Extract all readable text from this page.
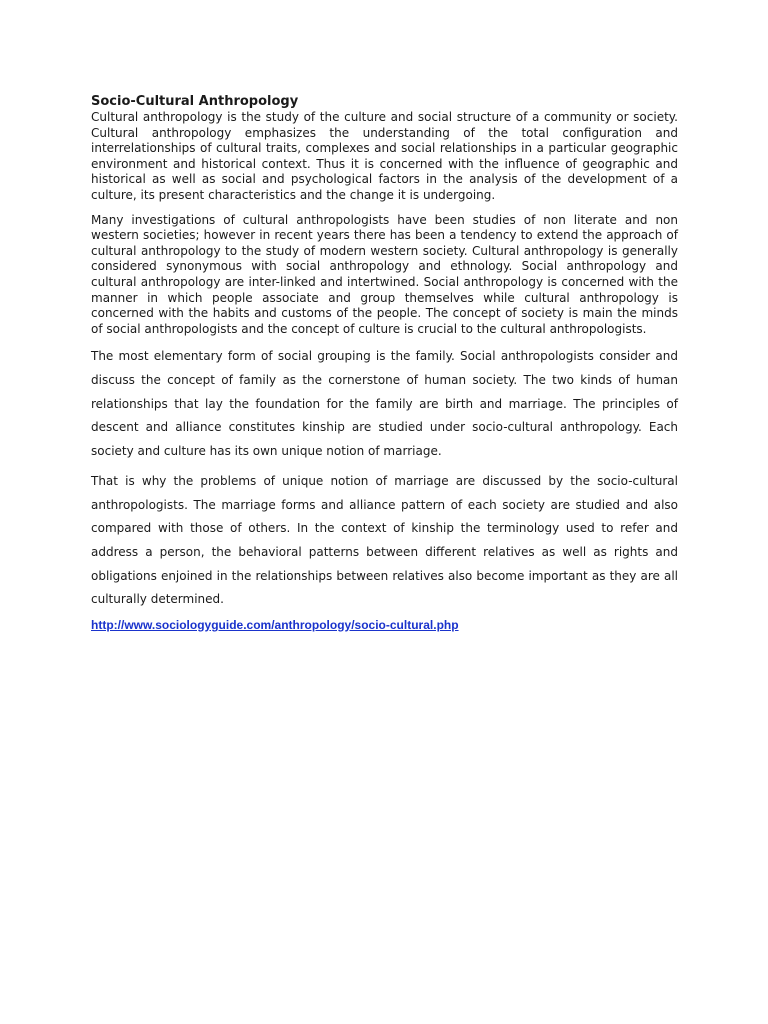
Socio-Cultural Anthropology

Cultural anthropology is the study of the culture and social structure of a community or society. Cultural anthropology emphasizes the understanding of the total configuration and interrelationships of cultural traits, complexes and social relationships in a particular geographic environment and historical context. Thus it is concerned with the influence of geographic and historical as well as social and psychological factors in the analysis of the development of a culture, its present characteristics and the change it is undergoing.

Many investigations of cultural anthropologists have been studies of non literate and non western societies; however in recent years there has been a tendency to extend the approach of cultural anthropology to the study of modern western society. Cultural anthropology is generally considered synonymous with social anthropology and ethnology. Social anthropology and cultural anthropology are inter-linked and intertwined. Social anthropology is concerned with the manner in which people associate and group themselves while cultural anthropology is concerned with the habits and customs of the people. The concept of society is main the minds of social anthropologists and the concept of culture is crucial to the cultural anthropologists.

The most elementary form of social grouping is the family. Social anthropologists consider and discuss the concept of family as the cornerstone of human society. The two kinds of human relationships that lay the foundation for the family are birth and marriage. The principles of descent and alliance constitutes kinship are studied under socio-cultural anthropology. Each society and culture has its own unique notion of marriage.

That is why the problems of unique notion of marriage are discussed by the socio-cultural anthropologists. The marriage forms and alliance pattern of each society are studied and also compared with those of others. In the context of kinship the terminology used to refer and address a person, the behavioral patterns between different relatives as well as rights and obligations enjoined in the relationships between relatives also become important as they are all culturally determined.

http://www.sociologyguide.com/anthropology/socio-cultural.php
